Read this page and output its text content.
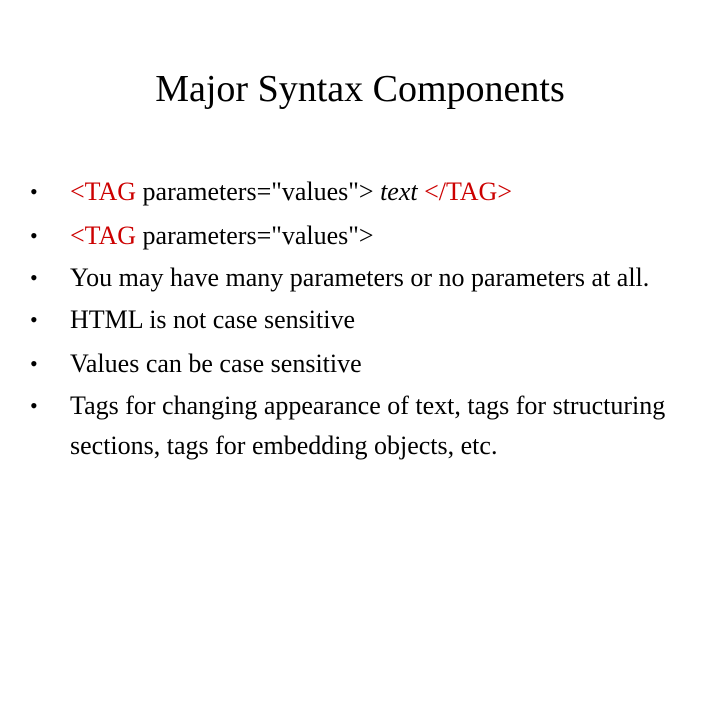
Major Syntax Components
•	<TAG parameters="values"> text </TAG>
•	<TAG parameters="values">
•	You may have many parameters or no parameters at all.
•	HTML is not case sensitive
•	Values can be case sensitive
•	Tags for changing appearance of text, tags for structuring sections, tags for embedding objects, etc.
